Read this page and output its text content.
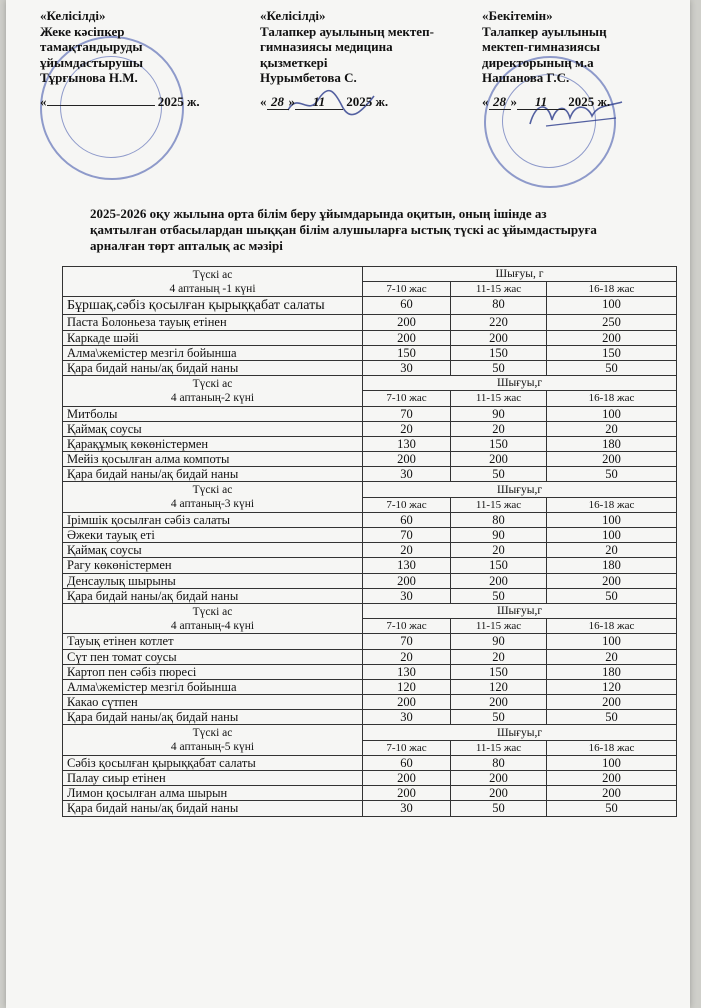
«Келісілді»
Жеке кәсіпкер
тамақтандыруды
ұйымдастырушы
Тұрғынова Н.М.
«	2025 ж.
«Келісілді»
Талапкер ауылының мектеп-
гимназиясы медицина
қызметкері
Нурымбетова С.
« 28 » 11 2025 ж.
«Бекітемін»
Талапкер ауылының
мектеп-гимназиясы
директорының м.а
Нашанова Г.С.
« 28 » 11 2025 ж.
2025-2026 оқу жылына орта білім беру ұйымдарында оқитын, оның ішінде аз қамтылған отбасылардан шыққан білім алушыларға ыстық түскі ас ұйымдастыруға арналған төрт апталық ас мәзірі
Түскі ас
4 аптаның -1 күні	Шығуы, г		
	7-10 жас	11-15 жас	16-18 жас
Бұршақ,сәбіз қосылған қырыққабат салаты	60	80	100
Паста Болоньеза тауық етінен	200	220	250
Каркаде шәйі	200	200	200
Алма\жемістер мезгіл бойынша	150	150	150
Қара бидай наны/ақ бидай наны	30	50	50

Түскі ас
4 аптаның-2 күні	Шығуы,г		
	7-10 жас	11-15 жас	16-18 жас
Митболы	70	90	100
Қаймақ соусы	20	20	20
Қарақұмық көкөністермен	130	150	180
Мейіз қосылған алма компоты	200	200	200
Қара бидай наны/ақ бидай наны	30	50	50

Түскі ас
4 аптаның-3 күні	Шығуы,г		
	7-10 жас	11-15 жас	16-18 жас
Ірімшік қосылған сәбіз салаты	60	80	100
Әжеки тауық еті	70	90	100
Қаймақ соусы	20	20	20
Рагу көкөністермен	130	150	180
Денсаулық шырыны	200	200	200
Қара бидай наны/ақ бидай наны	30	50	50

Түскі ас
4 аптаның-4 күні	Шығуы,г		
	7-10 жас	11-15 жас	16-18 жас
Тауық етінен котлет	70	90	100
Сүт пен томат соусы	20	20	20
Картоп пен сәбіз пюресі	130	150	180
Алма\жемістер мезгіл бойынша	120	120	120
Какао сүтпен	200	200	200
Қара бидай наны/ақ бидай наны	30	50	50

Түскі ас
4 аптаның-5 күні	Шығуы,г		
	7-10 жас	11-15 жас	16-18 жас
Сәбіз қосылған қырыққабат салаты	60	80	100
Палау сиыр етінен	200	200	200
Лимон қосылған алма шырын	200	200	200
Қара бидай наны/ақ бидай наны	30	50	50
